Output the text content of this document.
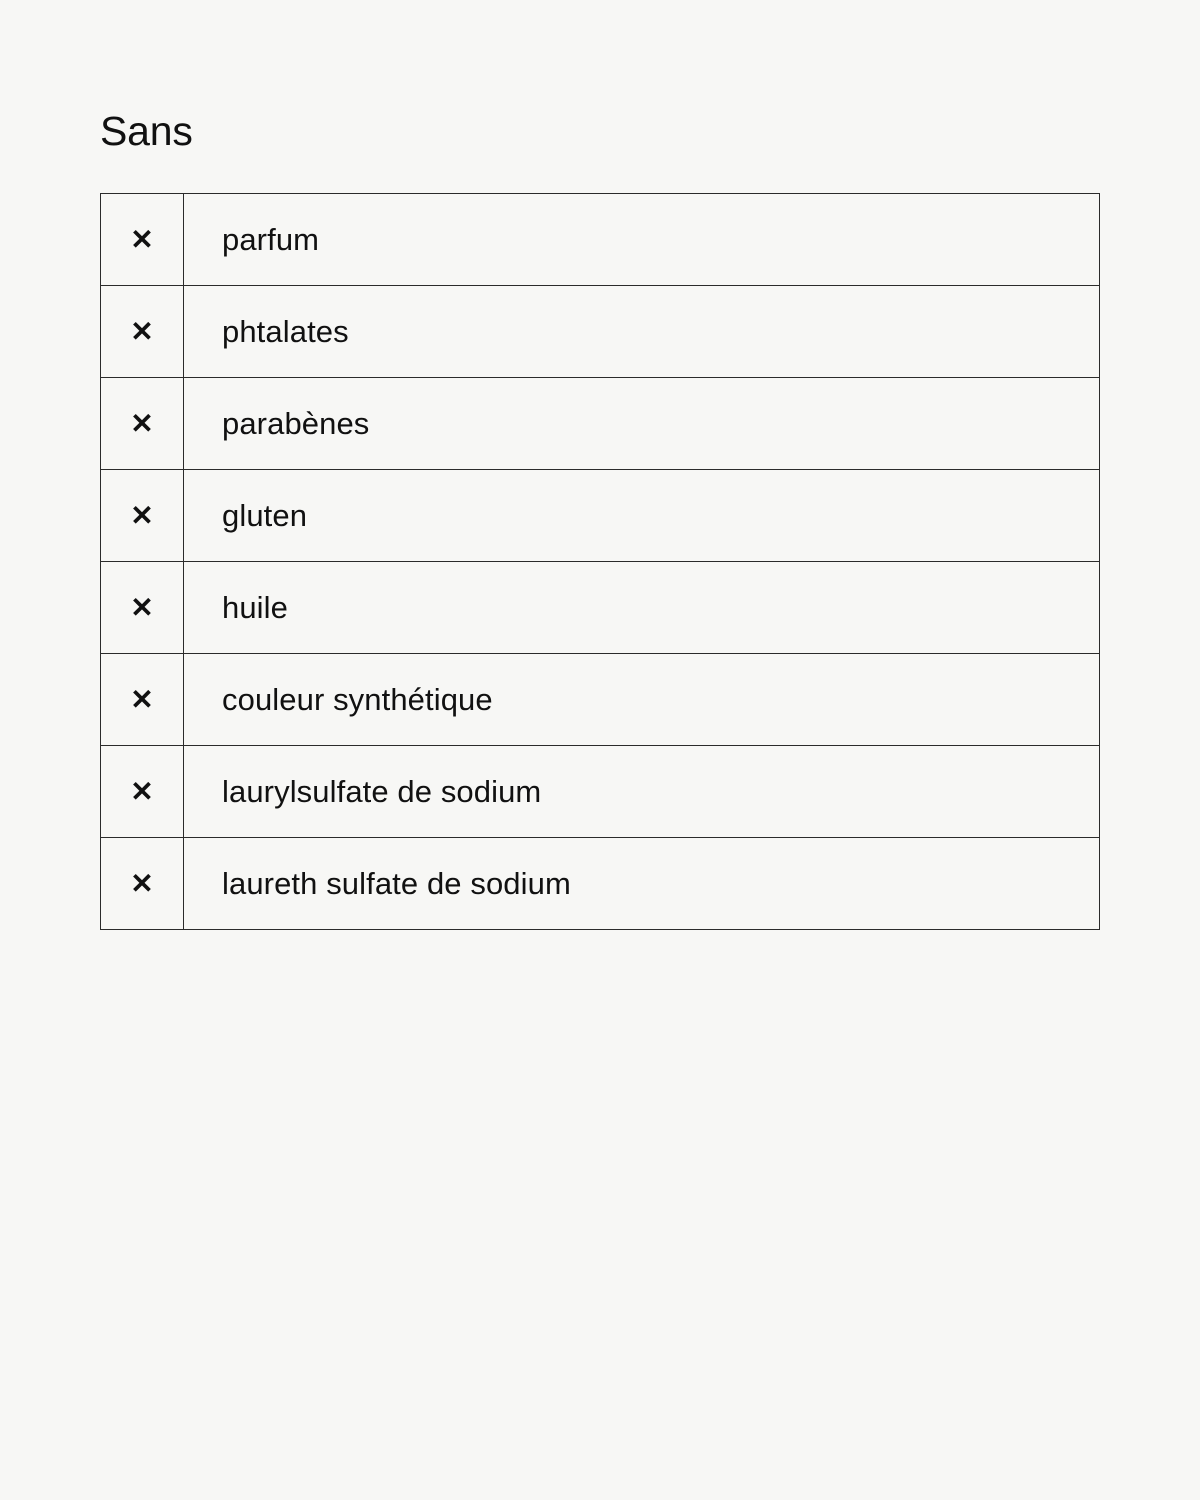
Sans
✕	parfum
✕	phtalates
✕	parabènes
✕	gluten
✕	huile
✕	couleur synthétique
✕	laurylsulfate de sodium
✕	laureth sulfate de sodium
